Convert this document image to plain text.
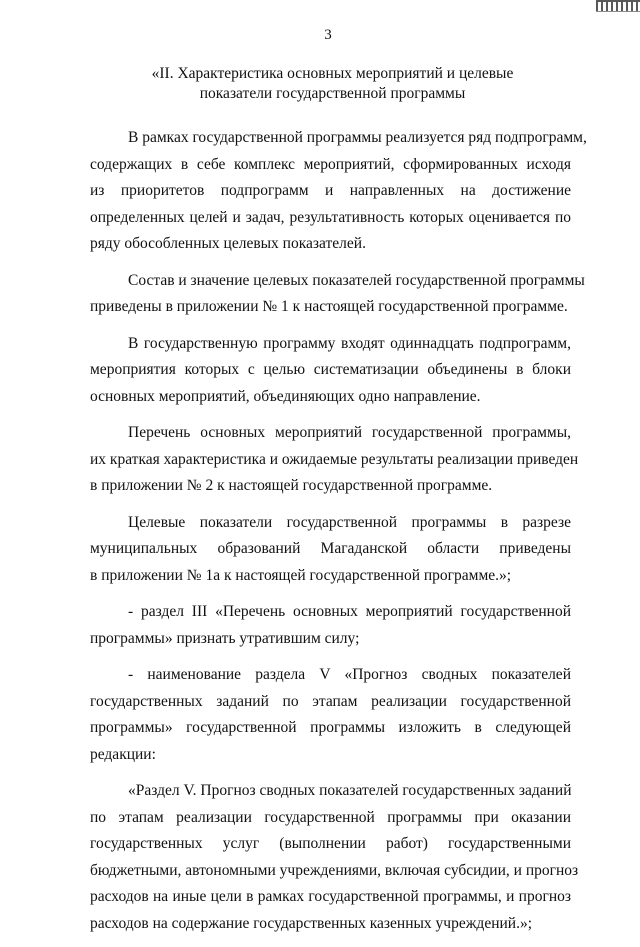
3
«II. Характеристика основных мероприятий и целевые
показатели государственной программы

В рамках государственной программы реализуется ряд подпрограмм,
содержащих в себе комплекс мероприятий, сформированных исходя
из приоритетов подпрограмм и направленных на достижение
определенных целей и задач, результативность которых оценивается по
ряду обособленных целевых показателей.

Состав и значение целевых показателей государственной программы
приведены в приложении № 1 к настоящей государственной программе.

В государственную программу входят одиннадцать подпрограмм,
мероприятия которых с целью систематизации объединены в блоки
основных мероприятий, объединяющих одно направление.

Перечень основных мероприятий государственной программы,
их краткая характеристика и ожидаемые результаты реализации приведен
в приложении № 2 к настоящей государственной программе.

Целевые показатели государственной программы в разрезе
муниципальных образований Магаданской области приведены
в приложении № 1а к настоящей государственной программе.»;

- раздел III «Перечень основных мероприятий государственной
программы» признать утратившим силу;

- наименование раздела V «Прогноз сводных показателей
государственных заданий по этапам реализации государственной
программы» государственной программы изложить в следующей
редакции:

«Раздел V. Прогноз сводных показателей государственных заданий
по этапам реализации государственной программы при оказании
государственных услуг (выполнении работ) государственными
бюджетными, автономными учреждениями, включая субсидии, и прогноз
расходов на иные цели в рамках государственной программы, и прогноз
расходов на содержание государственных казенных учреждений.»;
